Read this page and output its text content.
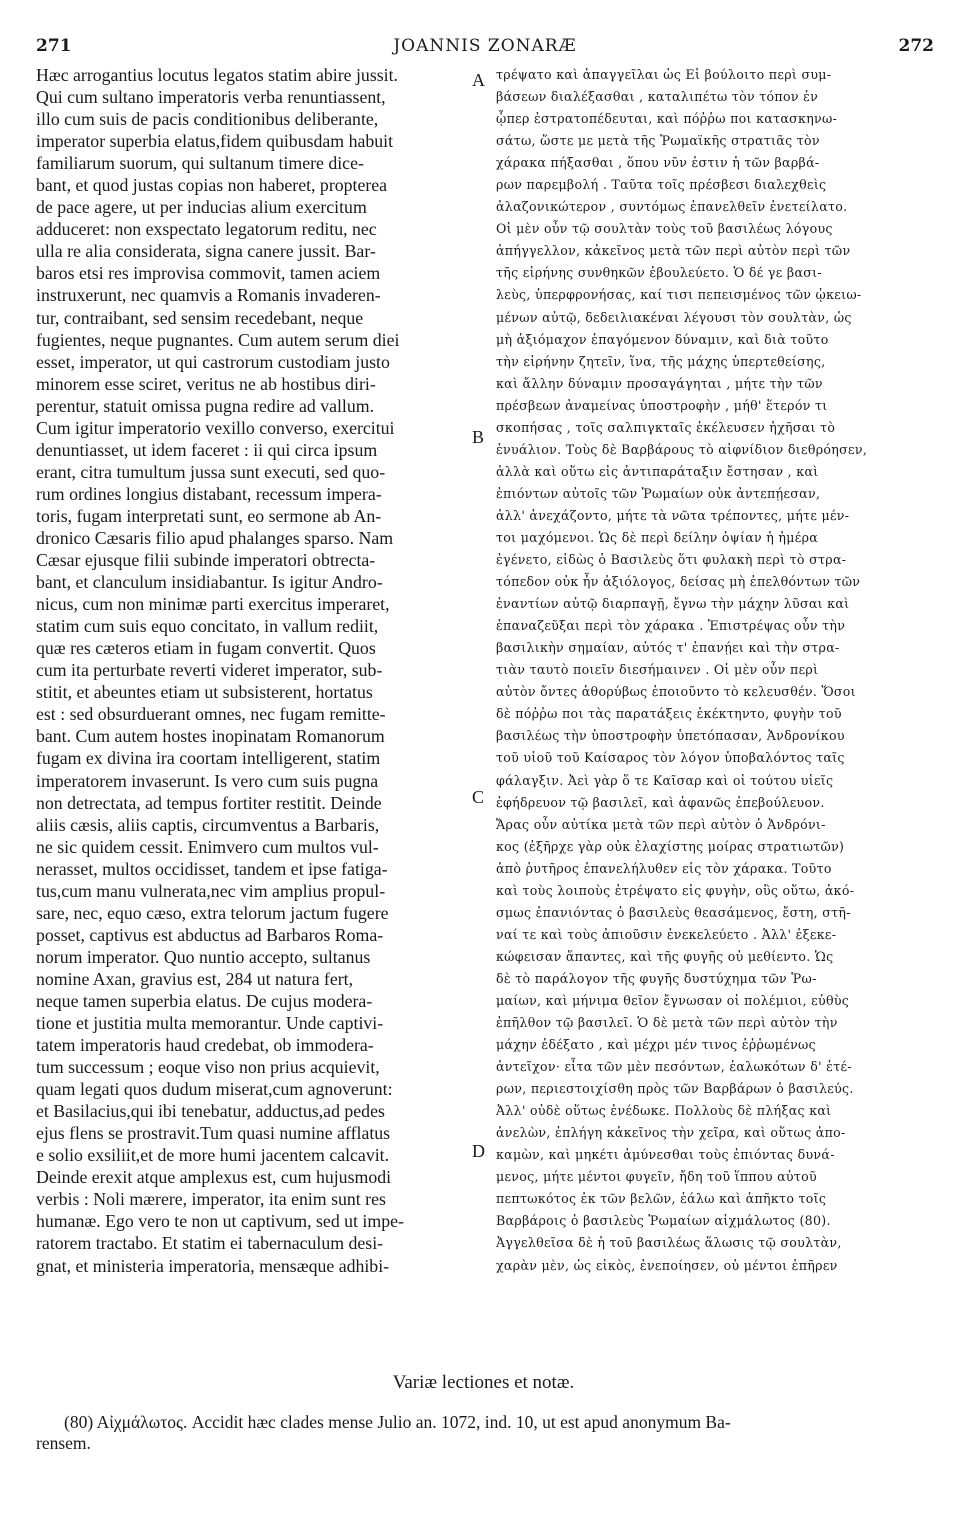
271	JOANNIS ZONARÆ	272
Hæc arrogantius locutus legatos statim abire jussit.
Qui cum sultano imperatoris verba renuntiassent,
illo cum suis de pacis conditionibus deliberante,
imperator superbia elatus,fidem quibusdam habuit
familiarum suorum, qui sultanum timere dice-
bant, et quod justas copias non haberet, propterea
de pace agere, ut per inducias alium exercitum
adduceret: non exspectato legatorum reditu, nec
ulla re alia considerata, signa canere jussit. Bar-
baros etsi res improvisa commovit, tamen aciem
instruxerunt, nec quamvis a Romanis invaderen-
tur, contraibant, sed sensim recedebant, neque
fugientes, neque pugnantes. Cum autem serum diei
esset, imperator, ut qui castrorum custodiam justo
minorem esse sciret, veritus ne ab hostibus diri-
perentur, statuit omissa pugna redire ad vallum.
Cum igitur imperatorio vexillo converso, exercitui
denuntiasset, ut idem faceret : ii qui circa ipsum
erant, citra tumultum jussa sunt executi, sed quo-
rum ordines longius distabant, recessum impera-
toris, fugam interpretati sunt, eo sermone ab An-
dronico Cæsaris filio apud phalanges sparso. Nam
Cæsar ejusque filii subinde imperatori obtrecta-
bant, et clanculum insidiabantur. Is igitur Andro-
nicus, cum non minimæ parti exercitus imperaret,
statim cum suis equo concitato, in vallum rediit,
quæ res cæteros etiam in fugam convertit. Quos
cum ita perturbate reverti videret imperator, sub-
stitit, et abeuntes etiam ut subsisterent, hortatus
est : sed obsurduerant omnes, nec fugam remitte-
bant. Cum autem hostes inopinatam Romanorum
fugam ex divina ira coortam intelligerent, statim
imperatorem invaserunt. Is vero cum suis pugna
non detrectata, ad tempus fortiter restitit. Deinde
aliis cæsis, aliis captis, circumventus a Barbaris,
ne sic quidem cessit. Enimvero cum multos vul-
nerasset, multos occidisset, tandem et ipse fatiga-
tus,cum manu vulnerata,nec vim amplius propul-
sare, nec, equo cæso, extra telorum jactum fugere
posset, captivus est abductus ad Barbaros Roma-
norum imperator. Quo nuntio accepto, sultanus
nomine Axan, gravius est, 284 ut natura fert,
neque tamen superbia elatus. De cujus modera-
tione et justitia multa memorantur. Unde captivi-
tatem imperatoris haud credebat, ob immodera-
tum successum ; eoque viso non prius acquievit,
quam legati quos dudum miserat,cum agnoverunt:
et Basilacius,qui ibi tenebatur, adductus,ad pedes
ejus flens se prostravit.Tum quasi numine afflatus
e solio exsiliit,et de more humi jacentem calcavit.
Deinde erexit atque amplexus est, cum hujusmodi
verbis : Noli mærere, imperator, ita enim sunt res
humanæ. Ego vero te non ut captivum, sed ut impe-
ratorem tractabo. Et statim ei tabernaculum desi-
gnat, et ministeria imperatoria, mensæque adhibi-
τρέψατο καὶ ἀπαγγεῖλαι ὡς Εἰ βούλοιτο περὶ συμ-
βάσεων διαλέξασθαι , καταλιπέτω τὸν τόπον ἐν
ᾧπερ ἐστρατοπέδευται, καὶ πόῤῥω ποι κατασκηνω-
σάτω, ὥστε με μετὰ τῆς Ῥωμαϊκῆς στρατιᾶς τὸν
χάρακα πήξασθαι , ὅπου νῦν ἐστιν ἡ τῶν βαρβά-
ρων παρεμβολή . Ταῦτα τοῖς πρέσβεσι διαλεχθεὶς
ἀλαζονικώτερον , συντόμως ἐπανελθεῖν ἐνετείλατο.
Οἱ μὲν οὖν τῷ σουλτὰν τοὺς τοῦ βασιλέως λόγους
ἀπήγγελλον, κἀκεῖνος μετὰ τῶν περὶ αὐτὸν περὶ τῶν
τῆς εἰρήνης συνθηκῶν ἐβουλεύετο. Ὁ δέ γε βασι-
λεὺς, ὑπερφρονήσας, καί τισι πεπεισμένος τῶν ᾠκειω-
μένων αὐτῷ, δεδειλιακέναι λέγουσι τὸν σουλτὰν, ὡς
μὴ ἀξιόμαχον ἐπαγόμενον δύναμιν, καὶ διὰ τοῦτο
τὴν εἰρήνην ζητεῖν, ἵνα, τῆς μάχης ὑπερτεθείσης,
καὶ ἄλλην δύναμιν προσαγάγηται , μήτε τὴν τῶν
πρέσβεων ἀναμείνας ὑποστροφὴν , μήθ' ἕτερόν τι
σκοπήσας , τοῖς σαλπιγκταῖς ἐκέλευσεν ἠχῆσαι τὸ
ἐνυάλιον. Τοὺς δὲ Βαρβάρους τὸ αἰφνίδιον διεθρόησεν,
ἀλλὰ καὶ οὕτω εἰς ἀντιπαράταξιν ἔστησαν , καὶ
ἐπιόντων αὐτοῖς τῶν Ῥωμαίων οὐκ ἀντεπῄεσαν,
ἀλλ' ἀνεχάζοντο, μήτε τὰ νῶτα τρέποντες, μήτε μέν-
τοι μαχόμενοι. Ὡς δὲ περὶ δείλην ὀψίαν ἡ ἡμέρα
ἐγένετο, εἰδὼς ὁ Βασιλεὺς ὅτι φυλακὴ περὶ τὸ στρα-
τόπεδον οὐκ ἦν ἀξιόλογος, δείσας μὴ ἐπελθόντων τῶν
ἐναντίων αὐτῷ διαρπαγῇ, ἔγνω τὴν μάχην λῦσαι καὶ
ἐπαναζεῦξαι περὶ τὸν χάρακα . Ἐπιστρέψας οὖν τὴν
βασιλικὴν σημαίαν, αὐτός τ' ἐπανῄει καὶ τὴν στρα-
τιὰν ταυτὸ ποιεῖν διεσήμαινεν . Οἱ μὲν οὖν περὶ
αὐτὸν ὄντες ἀθορύβως ἐποιοῦντο τὸ κελευσθέν. Ὅσοι
δὲ πόῤῥω ποι τὰς παρατάξεις ἐκέκτηντο, φυγὴν τοῦ
βασιλέως τὴν ὑποστροφὴν ὑπετόπασαν, Ἀνδρονίκου
τοῦ υἱοῦ τοῦ Καίσαρος τὸν λόγον ὑποβαλόντος ταῖς
φάλαγξιν. Ἀεὶ γὰρ ὅ τε Καῖσαρ καὶ οἱ τούτου υἱεῖς
ἐφήδρευον τῷ βασιλεῖ, καὶ ἀφανῶς ἐπεβούλευον.
Ἄρας οὖν αὐτίκα μετὰ τῶν περὶ αὐτὸν ὁ Ἀνδρόνι-
κος (ἐξῆρχε γὰρ οὐκ ἐλαχίστης μοίρας στρατιωτῶν)
ἀπὸ ῥυτῆρος ἐπανελήλυθεν εἰς τὸν χάρακα. Τοῦτο
καὶ τοὺς λοιποὺς ἐτρέψατο εἰς φυγὴν, οὓς οὕτω, ἀκό-
σμως ἐπανιόντας ὁ βασιλεὺς θεασάμενος, ἔστη, στῆ-
ναί τε καὶ τοὺς ἀπιοῦσιν ἐνεκελεύετο . Ἀλλ' ἐξεκε-
κώφεισαν ἅπαντες, καὶ τῆς φυγῆς οὐ μεθίεντο. Ὡς
δὲ τὸ παράλογον τῆς φυγῆς δυστύχημα τῶν Ῥω-
μαίων, καὶ μήνιμα θεῖον ἔγνωσαν οἱ πολέμιοι, εὐθὺς
ἐπῆλθον τῷ βασιλεῖ. Ὁ δὲ μετὰ τῶν περὶ αὐτὸν τὴν
μάχην ἐδέξατο , καὶ μέχρι μέν τινος ἐῤῥωμένως
ἀντεῖχον· εἶτα τῶν μὲν πεσόντων, ἑαλωκότων δ' ἑτέ-
ρων, περιεστοιχίσθη πρὸς τῶν Βαρβάρων ὁ βασιλεύς.
Ἀλλ' οὐδὲ οὕτως ἐνέδωκε. Πολλοὺς δὲ πλήξας καὶ
ἀνελὼν, ἐπλήγη κἀκεῖνος τὴν χεῖρα, καὶ οὕτως ἀπο-
καμὼν, καὶ μηκέτι ἀμύνεσθαι τοὺς ἐπιόντας δυνά-
μενος, μήτε μέντοι φυγεῖν, ἤδη τοῦ ἵππου αὐτοῦ
πεπτωκότος ἐκ τῶν βελῶν, ἑάλω καὶ ἀπῆκτο τοῖς
Βαρβάροις ὁ βασιλεὺς Ῥωμαίων αἰχμάλωτος (80).
Ἀγγελθεῖσα δὲ ἡ τοῦ βασιλέως ἅλωσις τῷ σουλτὰν,
χαρὰν μὲν, ὡς εἰκὸς, ἐνεποίησεν, οὐ μέντοι ἐπῆρεν
A
B
C
D
Variæ lectiones et notæ.
(80) Αἰχμάλωτος. Accidit hæc clades mense Julio an. 1072, ind. 10, ut est apud anonymum Ba-
rensem.
